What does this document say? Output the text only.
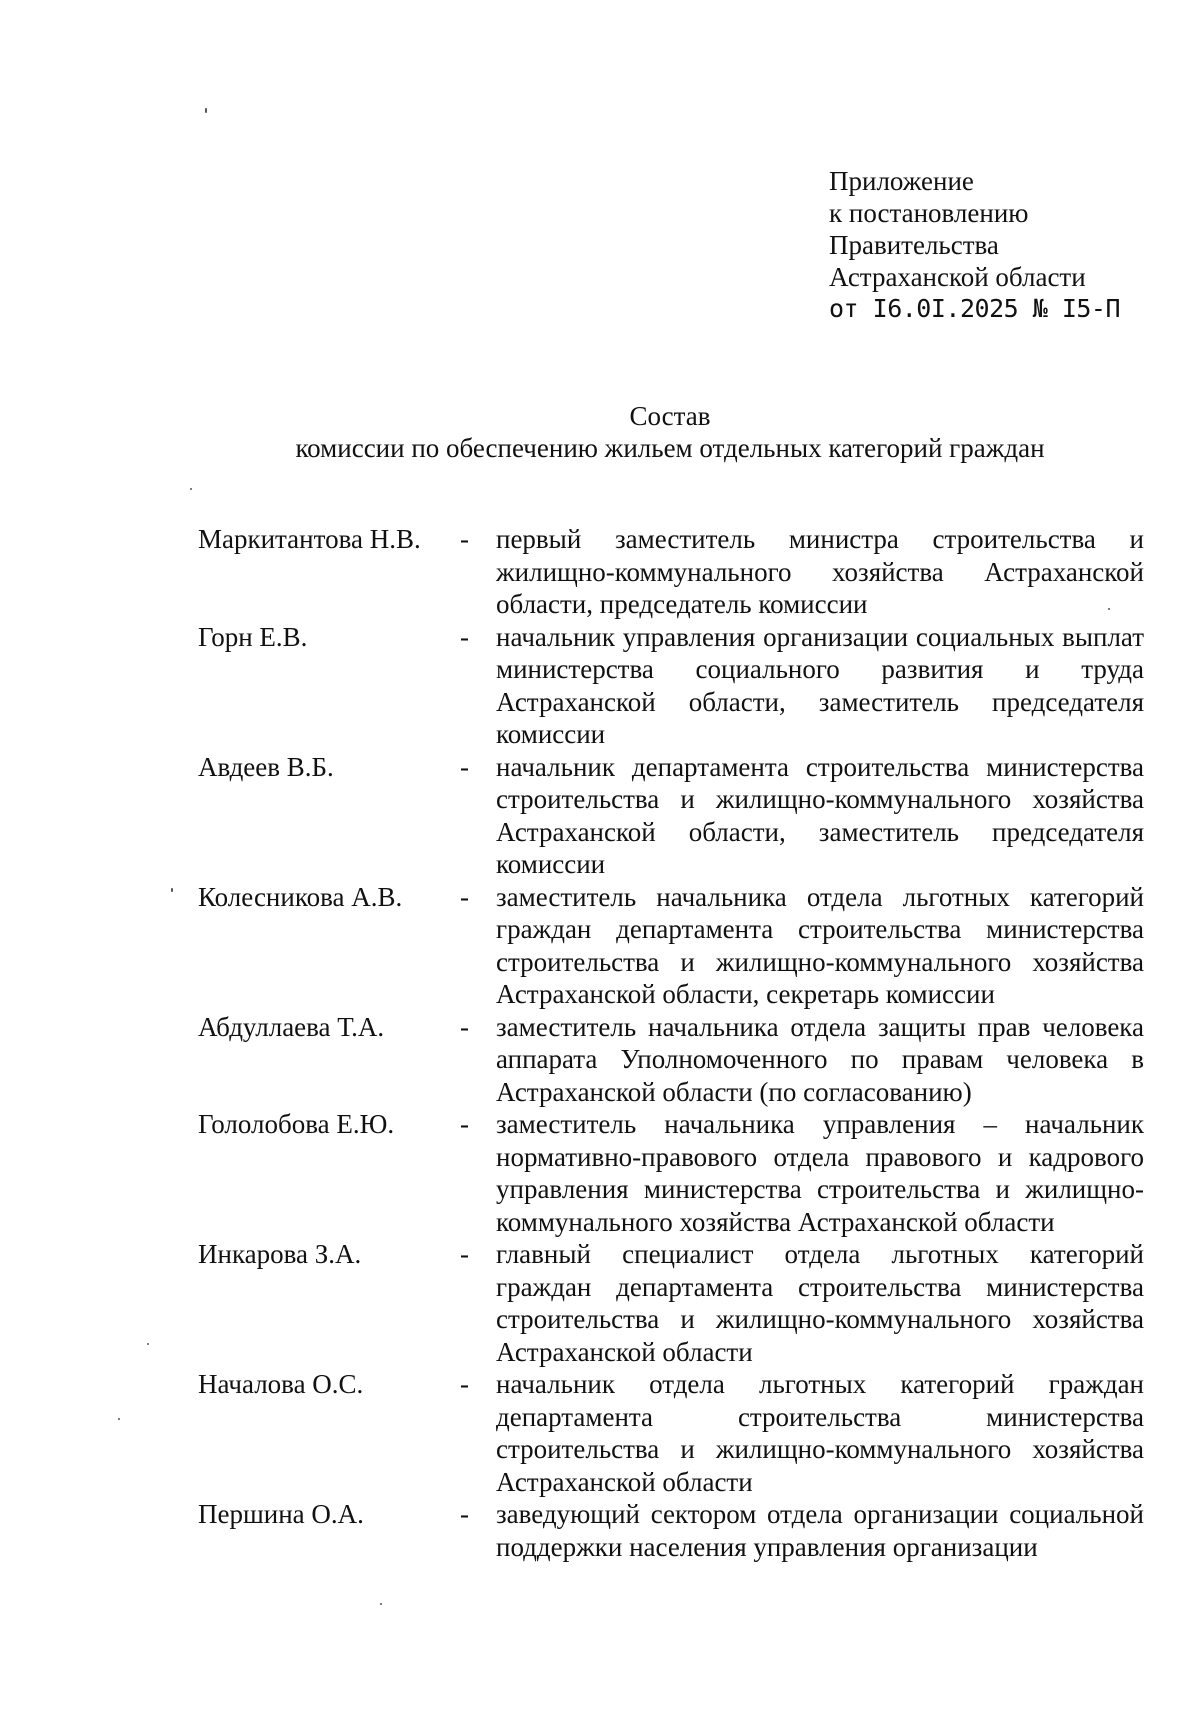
Приложение
к постановлению
Правительства
Астраханской области
от I6.0I.2025 № I5-П
Состав
комиссии по обеспечению жильем отдельных категорий граждан
Маркитантова Н.В.	-	первый заместитель министра строительства и жилищно-коммунального хозяйства Астраханской области, председатель комиссии
Горн Е.В.	-	начальник управления организации социальных выплат министерства социального развития и труда Астраханской области, заместитель председателя комиссии
Авдеев В.Б.	-	начальник департамента строительства министерства строительства и жилищно-коммунального хозяйства Астраханской области, заместитель председателя комиссии
Колесникова А.В.	-	заместитель начальника отдела льготных категорий граждан департамента строительства министерства строительства и жилищно-коммунального хозяйства Астраханской области, секретарь комиссии
Абдуллаева Т.А.	-	заместитель начальника отдела защиты прав человека аппарата Уполномоченного по правам человека в Астраханской области (по согласованию)
Гололобова Е.Ю.	-	заместитель начальника управления – начальник нормативно-правового отдела правового и кадрового управления министерства строительства и жилищно-коммунального хозяйства Астраханской области
Инкарова З.А.	-	главный специалист отдела льготных категорий граждан департамента строительства министерства строительства и жилищно-коммунального хозяйства Астраханской области
Началова О.С.	-	начальник отдела льготных категорий граждан департамента строительства министерства строительства и жилищно-коммунального хозяйства Астраханской области
Першина О.А.	-	заведующий сектором отдела организации социальной поддержки населения управления организации
